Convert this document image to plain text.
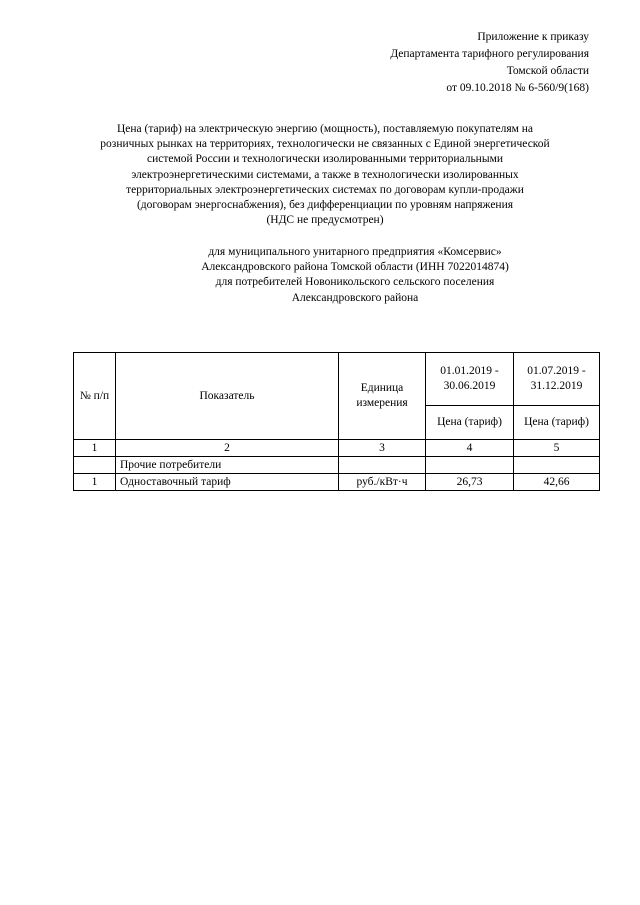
Приложение к приказу
Департамента тарифного регулирования
Томской области
от 09.10.2018 № 6-560/9(168)
Цена (тариф) на электрическую энергию (мощность), поставляемую покупателям на
розничных рынках на территориях, технологически не связанных с Единой энергетической
системой России и технологически изолированными территориальными
электроэнергетическими системами, а также в технологически изолированных
территориальных электроэнергетических системах по договорам купли-продажи
(договорам энергоснабжения), без дифференциации по уровням напряжения
(НДС не предусмотрен)
для муниципального унитарного предприятия «Комсервис»
Александровского района Томской области (ИНН 7022014874)
для потребителей Новоникольского сельского поселения
Александровского района
№ п/п	Показатель	Единица измерения	01.01.2019 - 30.06.2019	01.07.2019 - 31.12.2019
			Цена (тариф)	Цена (тариф)
1	2	3	4	5
	Прочие потребители			
1	Одноставочный тариф	руб./кВт·ч	26,73	42,66
